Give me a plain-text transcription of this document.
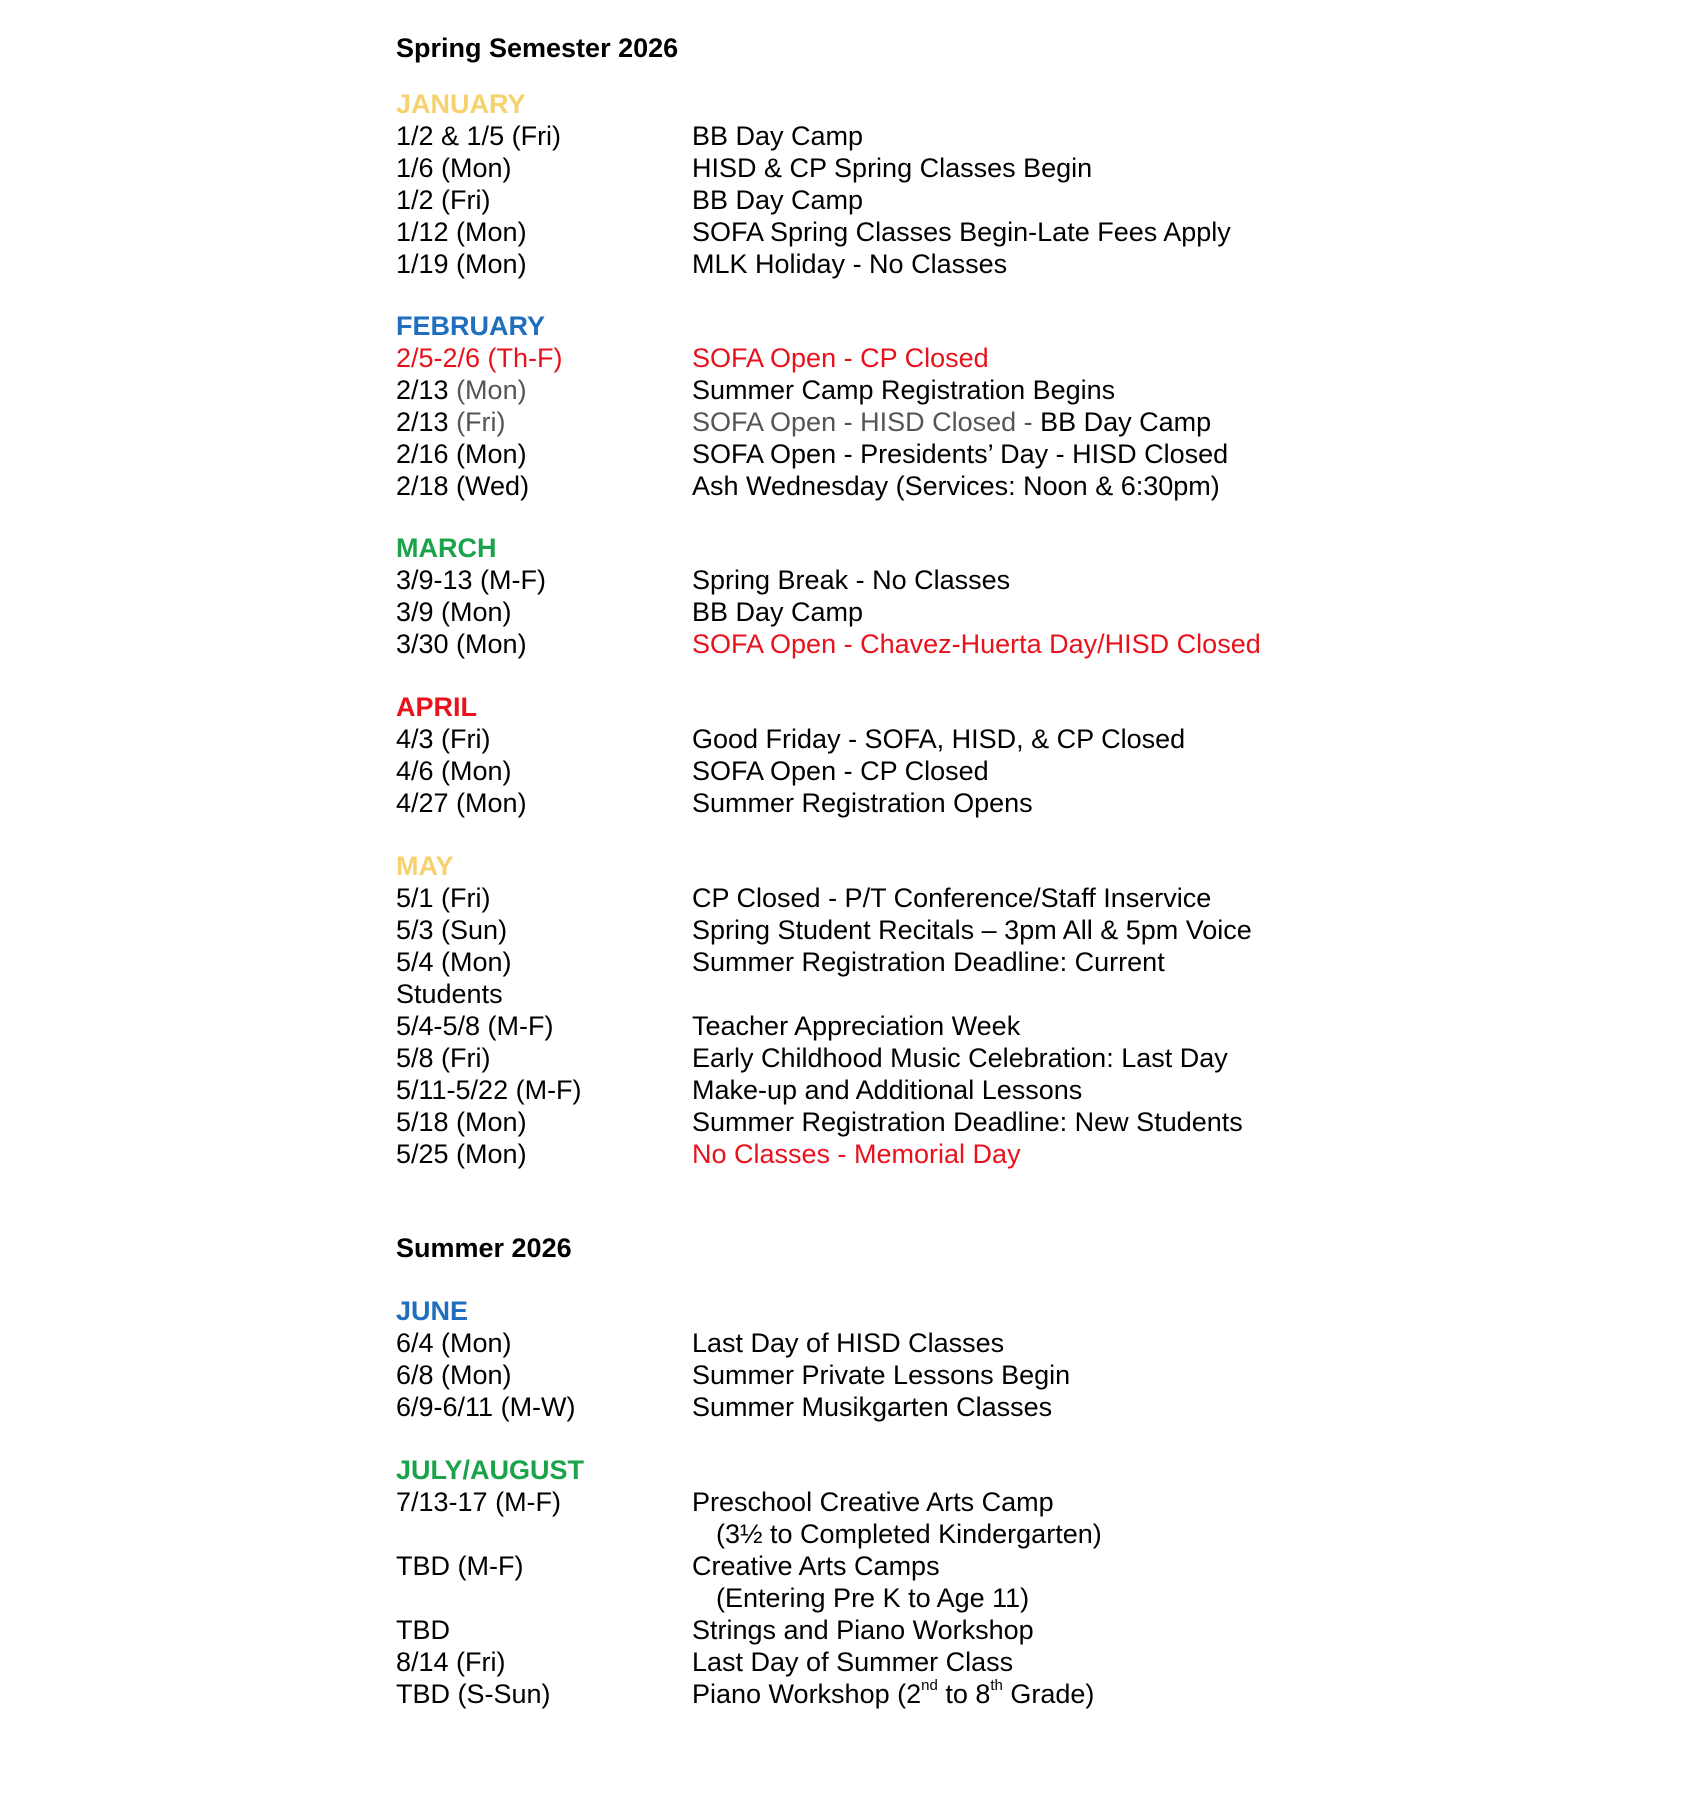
Spring Semester 2026
JANUARY
1/2 & 1/5 (Fri)	BB Day Camp
1/6 (Mon)	HISD & CP Spring Classes Begin
1/2 (Fri)	BB Day Camp
1/12 (Mon)	SOFA Spring Classes Begin-Late Fees Apply
1/19 (Mon)	MLK Holiday - No Classes
FEBRUARY
2/5-2/6 (Th-F)	SOFA Open - CP Closed
2/13 (Mon)	Summer Camp Registration Begins
2/13 (Fri)	SOFA Open - HISD Closed - BB Day Camp
2/16 (Mon)	SOFA Open - Presidents’ Day - HISD Closed
2/18 (Wed)	Ash Wednesday (Services: Noon & 6:30pm)
MARCH
3/9-13 (M-F)	Spring Break - No Classes
3/9 (Mon)	BB Day Camp
3/30 (Mon)	SOFA Open - Chavez-Huerta Day/HISD Closed
APRIL
4/3 (Fri)	Good Friday - SOFA, HISD, & CP Closed
4/6 (Mon)	SOFA Open - CP Closed
4/27 (Mon)	Summer Registration Opens
MAY
5/1 (Fri)	CP Closed - P/T Conference/Staff Inservice
5/3 (Sun)	Spring Student Recitals – 3pm All & 5pm Voice
5/4 (Mon)	Summer Registration Deadline: Current
Students
5/4-5/8 (M-F)	Teacher Appreciation Week
5/8 (Fri)	Early Childhood Music Celebration: Last Day
5/11-5/22 (M-F)	Make-up and Additional Lessons
5/18 (Mon)	Summer Registration Deadline: New Students
5/25 (Mon)	No Classes - Memorial Day
Summer 2026
JUNE
6/4 (Mon)	Last Day of HISD Classes
6/8 (Mon)	Summer Private Lessons Begin
6/9-6/11 (M-W)	Summer Musikgarten Classes
JULY/AUGUST
7/13-17 (M-F)	Preschool Creative Arts Camp
(3½ to Completed Kindergarten)
TBD (M-F)	Creative Arts Camps
(Entering Pre K to Age 11)
TBD	Strings and Piano Workshop
8/14 (Fri)	Last Day of Summer Class
TBD (S-Sun)	Piano Workshop (2nd to 8th Grade)
